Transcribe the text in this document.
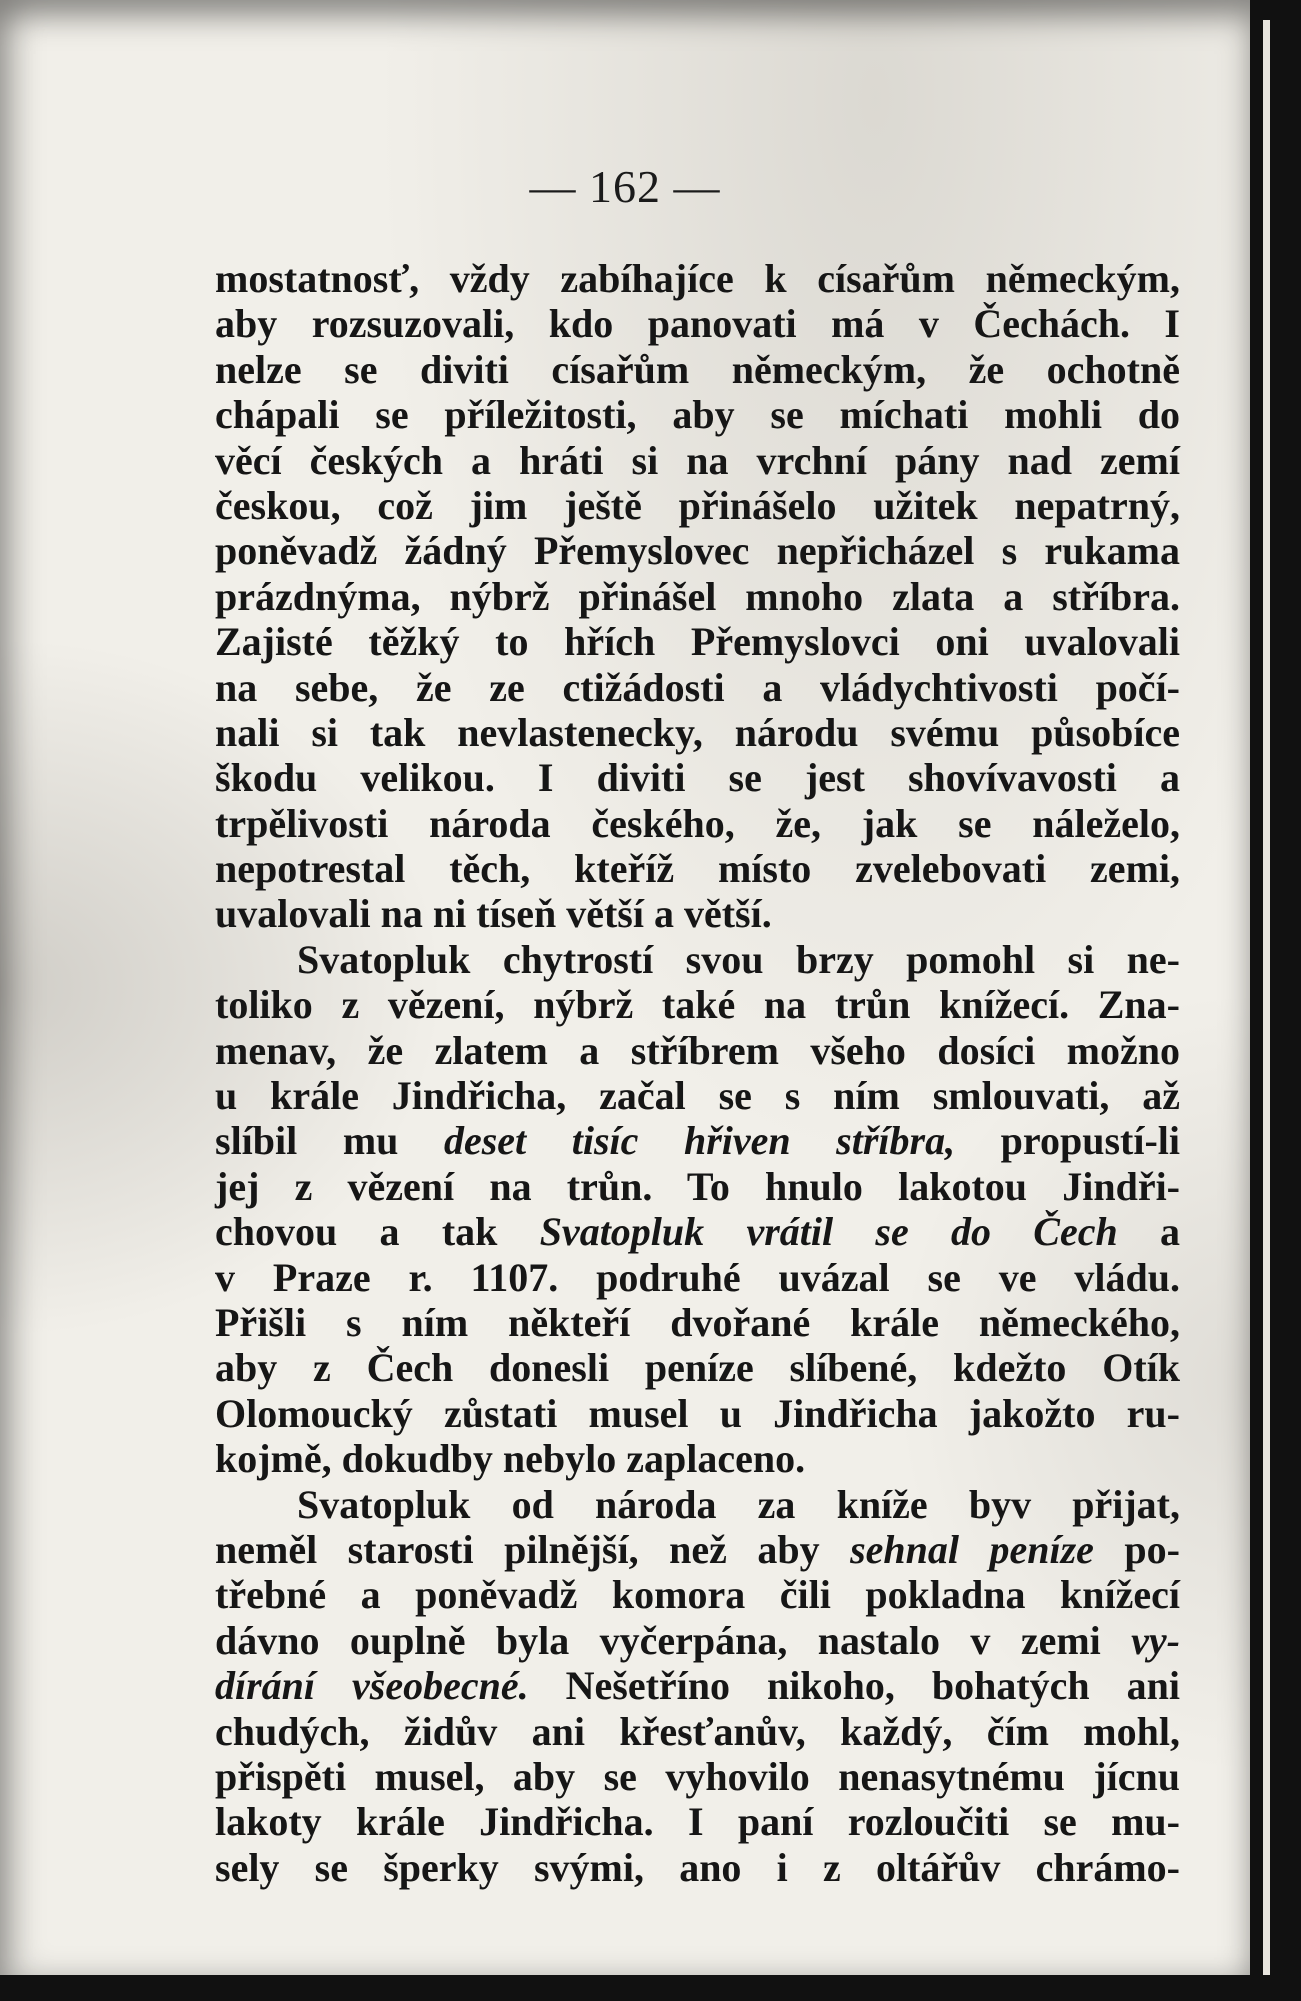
— 162 —
mostatnosť, vždy zabíhajíce k císařům německým,
aby rozsuzovali, kdo panovati má v Čechách. I
nelze se diviti císařům německým, že ochotně
chápali se příležitosti, aby se míchati mohli do
věcí českých a hráti si na vrchní pány nad zemí
českou, což jim ještě přinášelo užitek nepatrný,
poněvadž žádný Přemyslovec nepřicházel s rukama
prázdnýma, nýbrž přinášel mnoho zlata a stříbra.
Zajisté těžký to hřích Přemyslovci oni uvalovali
na sebe, že ze ctižádosti a vládychtivosti počí-
nali si tak nevlastenecky, národu svému působíce
škodu velikou. I diviti se jest shovívavosti a
trpělivosti národa českého, že, jak se náleželo,
nepotrestal těch, kteříž místo zvelebovati zemi,
uvalovali na ni tíseň větší a větší.
Svatopluk chytrostí svou brzy pomohl si ne-
toliko z vězení, nýbrž také na trůn knížecí. Zna-
menav, že zlatem a stříbrem všeho dosíci možno
u krále Jindřicha, začal se s ním smlouvati, až
slíbil mu deset tisíc hřiven stříbra, propustí-li
jej z vězení na trůn. To hnulo lakotou Jindři-
chovou a tak Svatopluk vrátil se do Čech a
v Praze r. 1107. podruhé uvázal se ve vládu.
Přišli s ním někteří dvořané krále německého,
aby z Čech donesli peníze slíbené, kdežto Otík
Olomoucký zůstati musel u Jindřicha jakožto ru-
kojmě, dokudby nebylo zaplaceno.
Svatopluk od národa za kníže byv přijat,
neměl starosti pilnější, než aby sehnal peníze po-
třebné a poněvadž komora čili pokladna knížecí
dávno ouplně byla vyčerpána, nastalo v zemi vy-
dírání všeobecné. Nešetříno nikoho, bohatých ani
chudých, židův ani křesťanův, každý, čím mohl,
přispěti musel, aby se vyhovilo nenasytnému jícnu
lakoty krále Jindřicha. I paní rozloučiti se mu-
sely se šperky svými, ano i z oltářův chrámo-
